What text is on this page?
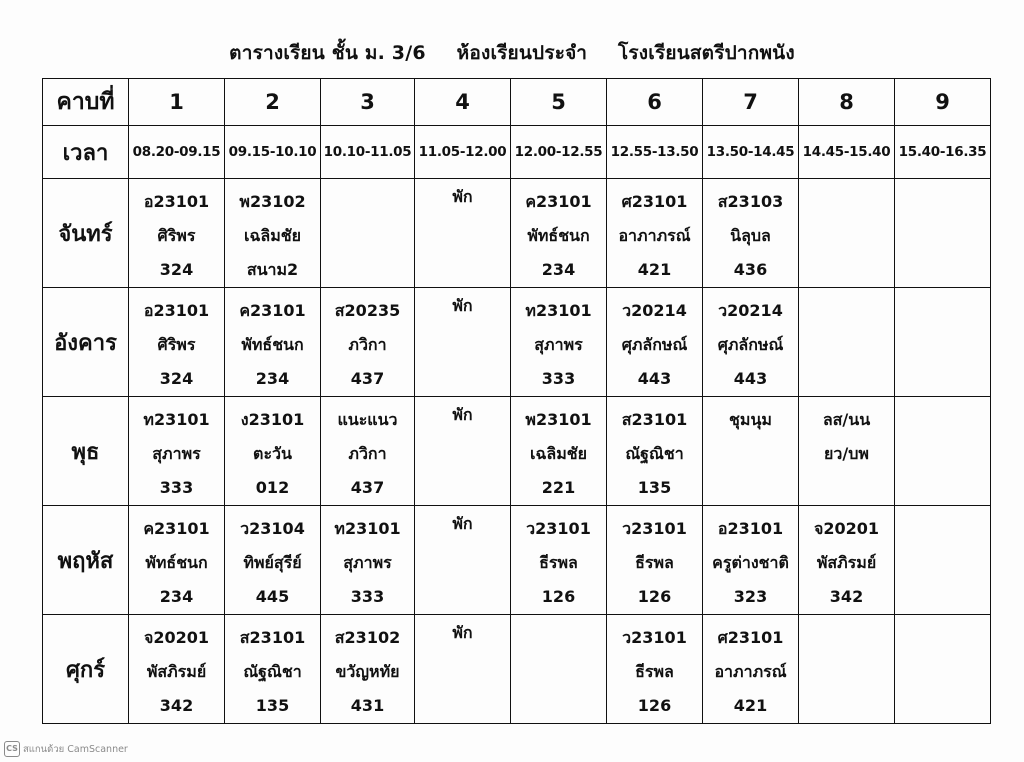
ตารางเรียน ชั้น ม. 3/6 ห้องเรียนประจำ โรงเรียนสตรีปากพนัง
คาบที่	1	2	3	4	5	6	7	8	9
เวลา	08.20-09.15	09.15-10.10	10.10-11.05	11.05-12.00	12.00-12.55	12.55-13.50	13.50-14.45	14.45-15.40	15.40-16.35
จันทร์	อ23101
ศิริพร
324	พ23102
เฉลิมชัย
สนาม2		พัก	ค23101
พัทธ์ชนก
234	ศ23101
อาภาภรณ์
421	ส23103
นิลุบล
436		

อังคาร	อ23101
ศิริพร
324	ค23101
พัทธ์ชนก
234	ส20235
ภวิกา
437	พัก	ท23101
สุภาพร
333	ว20214
ศุภลักษณ์
443	ว20214
ศุภลักษณ์
443		

พุธ	ท23101
สุภาพร
333	ง23101
ตะวัน
012	แนะแนว
ภวิกา
437	พัก	พ23101
เฉลิมชัย
221	ส23101
ณัฐณิชา
135	ชุมนุม	ลส/นน
ยว/บพ	

พฤหัส	ค23101
พัทธ์ชนก
234	ว23104
ทิพย์สุรีย์
445	ท23101
สุภาพร
333	พัก	ว23101
ธีรพล
126	ว23101
ธีรพล
126	อ23101
ครูต่างชาติ
323	จ20201
พัสภิรมย์
342	

ศุกร์	จ20201
พัสภิรมย์
342	ส23101
ณัฐณิชา
135	ส23102
ขวัญหทัย
431	พัก		ว23101
ธีรพล
126	ศ23101
อาภาภรณ์
421		

CS สแกนด้วย CamScanner
